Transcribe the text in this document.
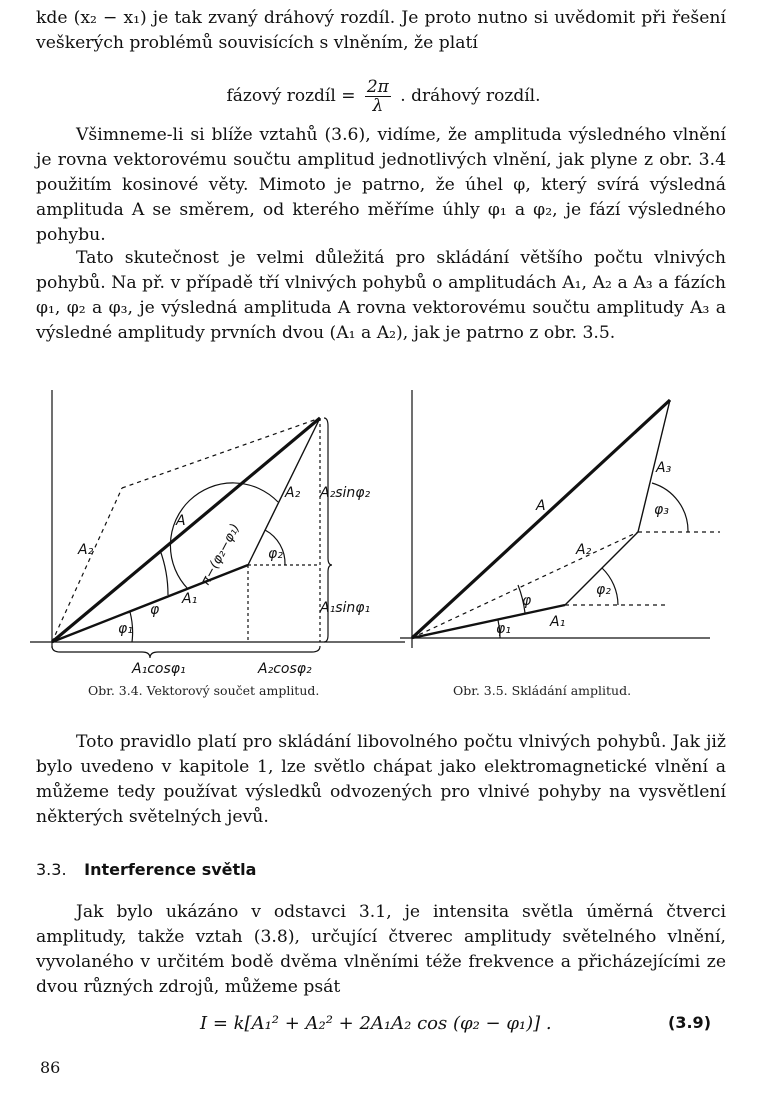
kde (x₂ − x₁) je tak zvaný dráhový rozdíl. Je proto nutno si uvědomit při řešení veškerých problémů souvisících s vlněním, že platí

fázový rozdíl = $\frac{2\pi}{\lambda}$ . dráhový rozdíl.

Všimneme-li si blíže vztahů (3.6), vidíme, že amplituda výsledného vlnění je rovna vektorovému součtu amplitud jednotlivých vlnění, jak plyne z obr. 3.4 použitím kosinové věty. Mimoto je patrno, že úhel φ, který svírá výsledná amplituda A se směrem, od kterého měříme úhly φ₁ a φ₂, je fází výsledného pohybu.

Tato skutečnost je velmi důležitá pro skládání většího počtu vlnivých pohybů. Na př. v případě tří vlnivých pohybů o amplitudách A₁, A₂ a A₃ a fázích φ₁, φ₂ a φ₃, je výsledná amplituda A rovna vektorovému součtu amplitudy A₃ a výsledné amplitudy prvních dvou (A₁ a A₂), jak je patrno z obr. 3.5.

A
A₁
A₂
A₂
A₂sinφ₂
A₁sinφ₁
φ
φ₁
φ₂
π−(φ₂−φ₁)
A₁cosφ₁	A₂cosφ₂
Obr. 3.4. Vektorový součet amplitud.
A
A₁
A₂
A₃
φ
φ₁
φ₂
φ₃
Obr. 3.5. Skládání amplitud.

Toto pravidlo platí pro skládání libovolného počtu vlnivých pohybů. Jak již bylo uvedeno v kapitole 1, lze světlo chápat jako elektromagnetické vlnění a můžeme tedy používat výsledků odvozených pro vlnivé pohyby na vysvětlení některých světelných jevů.

3.3. Interference světla

Jak bylo ukázáno v odstavci 3.1, je intensita světla úměrná čtverci amplitudy, takže vztah (3.8), určující čtverec amplitudy světelného vlnění, vyvolaného v určitém bodě dvěma vlněními téže frekvence a přicházejícími ze dvou různých zdrojů, můžeme psát

I = k[A₁² + A₂² + 2A₁A₂ cos (φ₂ − φ₁)] .	(3.9)
86
